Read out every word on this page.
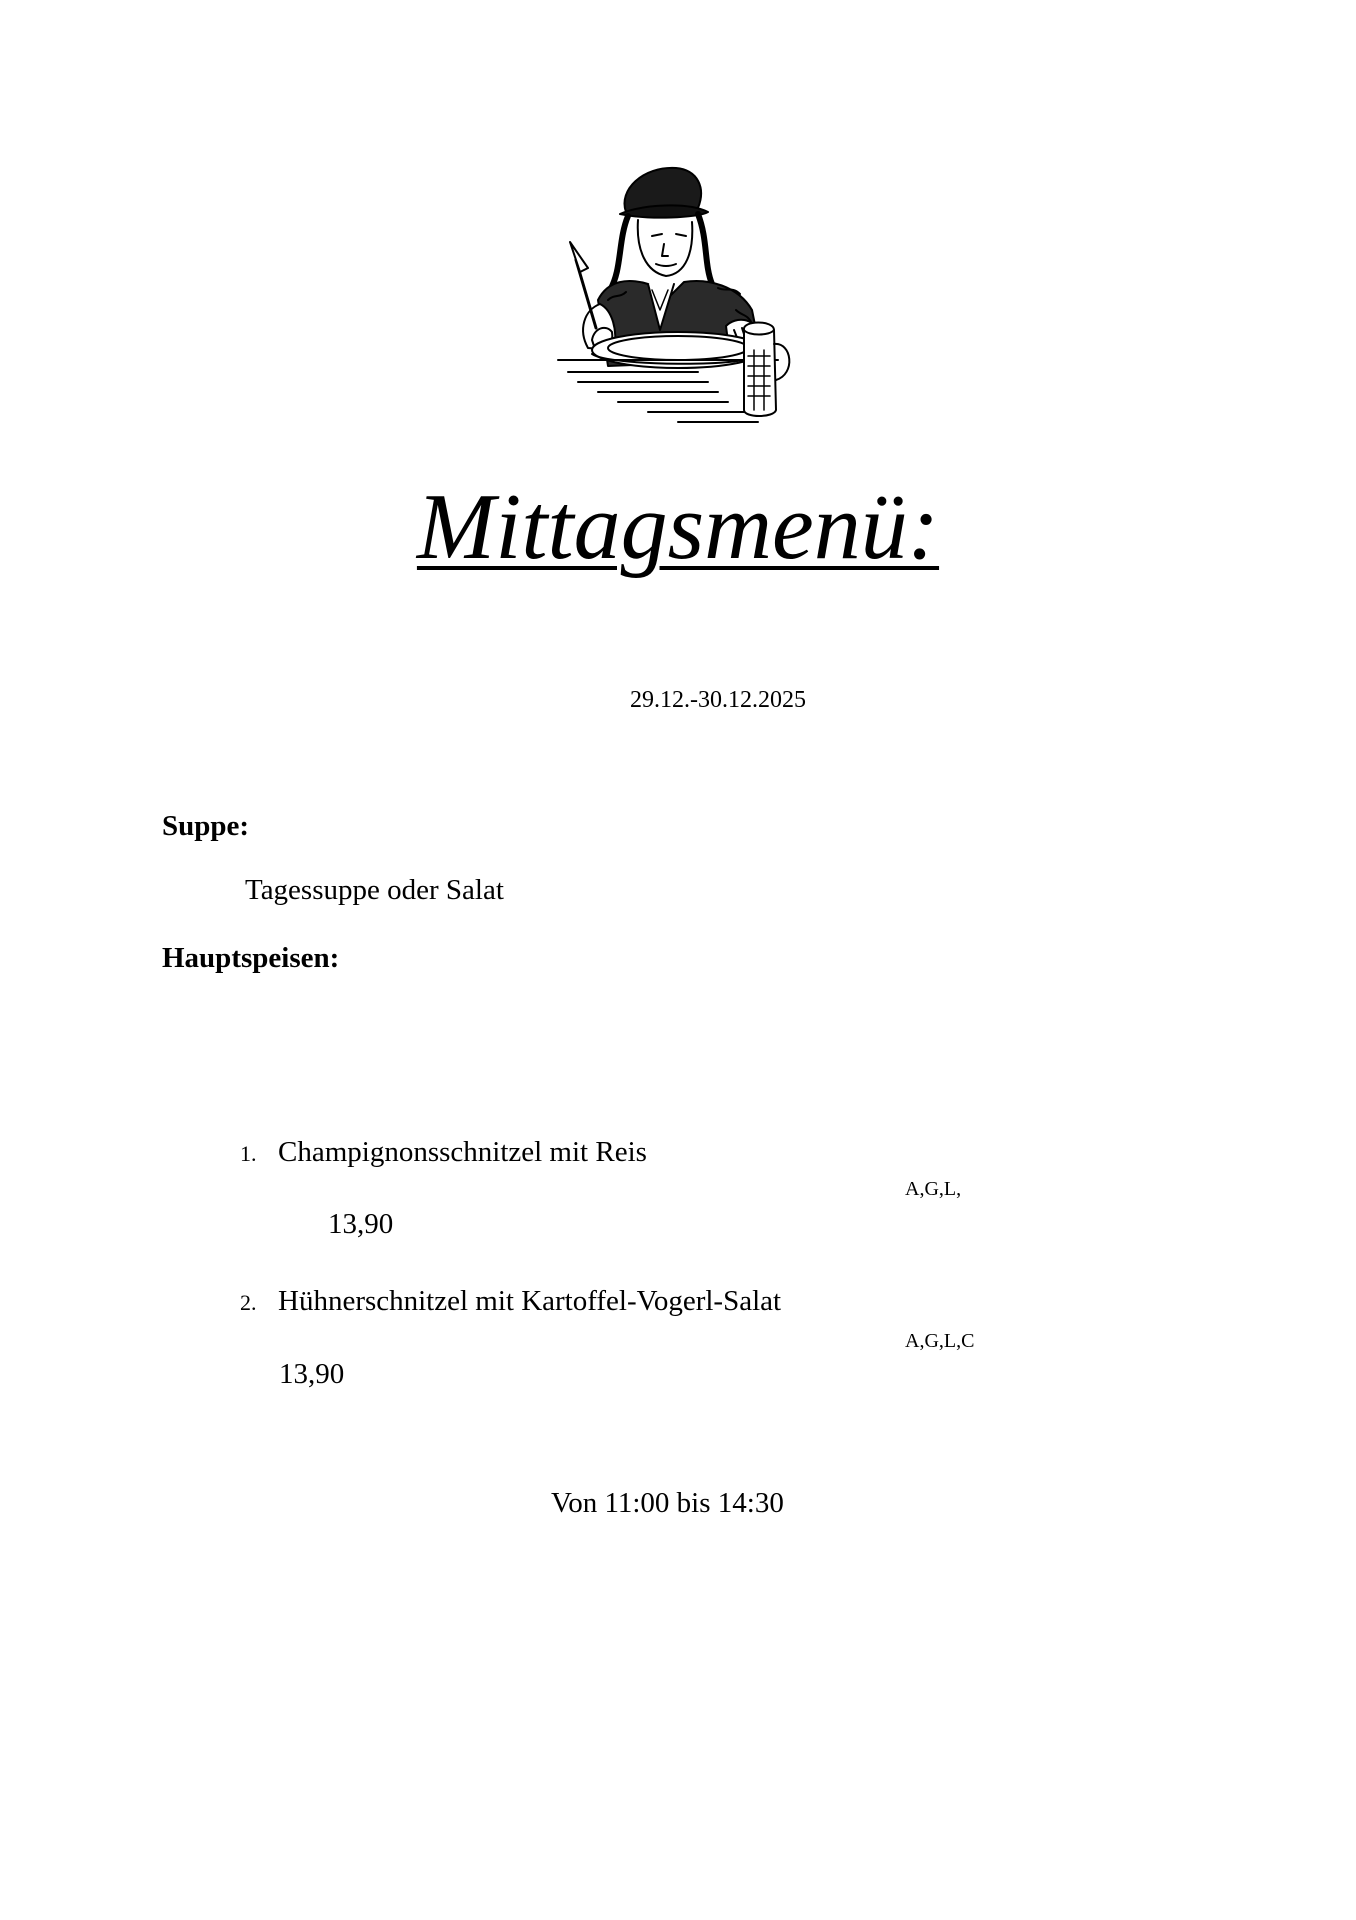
Mittagsmenü:
29.12.-30.12.2025
Suppe:
Tagessuppe oder Salat
Hauptspeisen:
1. Champignonsschnitzel mit Reis
A,G,L,
13,90
2. Hühnerschnitzel mit Kartoffel-Vogerl-Salat
A,G,L,C
13,90
Von 11:00 bis 14:30
